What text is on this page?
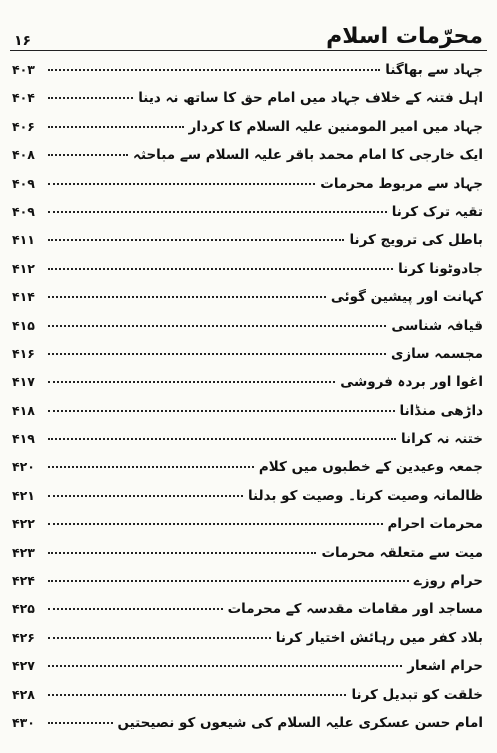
محرّمات اسلام
۱۶
جہاد سے بھاگنا
۴۰۳
اہل فتنہ کے خلاف جہاد میں امام حق کا ساتھ نہ دینا
۴۰۴
جہاد میں امیر المومنین علیہ السلام کا کردار
۴۰۶
ایک خارجی کا امام محمد باقر علیہ السلام سے مباحثہ
۴۰۸
جہاد سے مربوط محرمات
۴۰۹
تقیہ ترک کرنا
۴۰۹
باطل کی ترویج کرنا
۴۱۱
جادوٹونا کرنا
۴۱۲
کہانت اور پیشین گوئی
۴۱۴
قیافہ شناسی
۴۱۵
مجسمہ سازی
۴۱۶
اغوا اور بردہ فروشی
۴۱۷
داڑھی منڈانا
۴۱۸
ختنہ نہ کرانا
۴۱۹
جمعہ وعیدین کے خطبوں میں کلام
۴۲۰
ظالمانہ وصیت کرنا۔ وصیت کو بدلنا
۴۲۱
محرمات احرام
۴۲۲
میت سے متعلقہ محرمات
۴۲۳
حرام روزے
۴۲۴
مساجد اور مقامات مقدسہ کے محرمات
۴۲۵
بلاد کفر میں رہائش اختیار کرنا
۴۲۶
حرام اشعار
۴۲۷
خلقت کو تبدیل کرنا
۴۲۸
امام حسن عسکری علیہ السلام کی شیعوں کو نصیحتیں
۴۳۰
